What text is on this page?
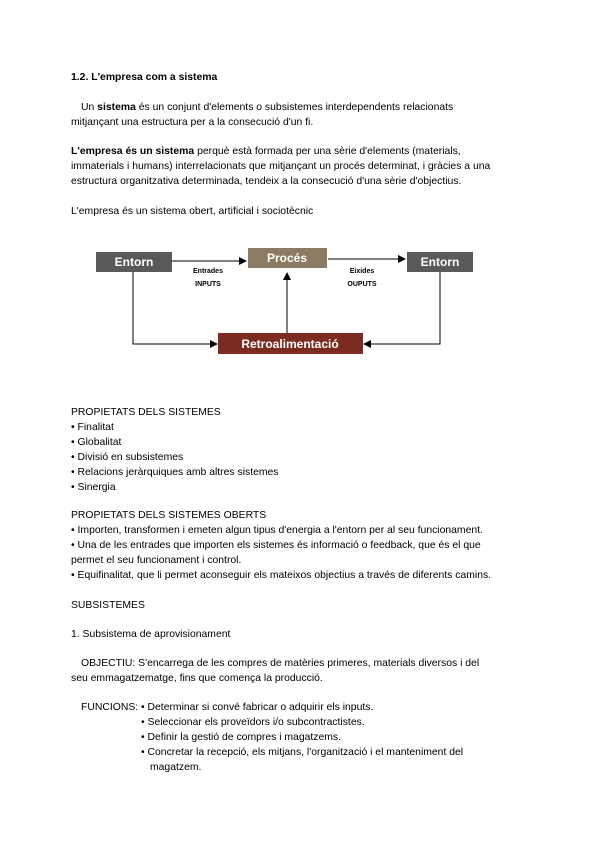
1.2. L'empresa com a sistema
Un sistema és un conjunt d'elements o subsistemes interdependents relacionats
mitjançant una estructura per a la consecució d'un fi.
L'empresa és un sistema perquè està formada per una sèrie d'elements (materials,
immaterials i humans) interrelacionats que mitjançant un procés determinat, i gràcies a una
estructura organitzativa determinada, tendeix a la consecució d'una sèrie d'objectius.
L'empresa és un sistema obert, artificial i sociotècnic
Entorn	Procés	Entorn
Retroalimentació
Entrades
INPUTS
Eixides
OUPUTS
PROPIETATS DELS SISTEMES
• Finalitat
• Globalitat
• Divisió en subsistemes
• Relacions jeràrquiques amb altres sistemes
• Sinergia
PROPIETATS DELS SISTEMES OBERTS
• Importen, transformen i emeten algun tipus d'energia a l'entorn per al seu funcionament.
• Una de les entrades que importen els sistemes és informació o feedback, que és el que
permet el seu funcionament i control.
• Equifinalitat, que li permet aconseguir els mateixos objectius a través de diferents camins.
SUBSISTEMES
1. Subsistema de aprovisionament
OBJECTIU: S'encarrega de les compres de matèries primeres, materials diversos i del
seu emmagatzematge, fins que comença la producció.
FUNCIONS: • Determinar si convé fabricar o adquirir els inputs.
• Seleccionar els proveïdors i/o subcontractistes.
• Definir la gestió de compres i magatzems.
• Concretar la recepció, els mitjans, l'organització i el manteniment del
magatzem.
